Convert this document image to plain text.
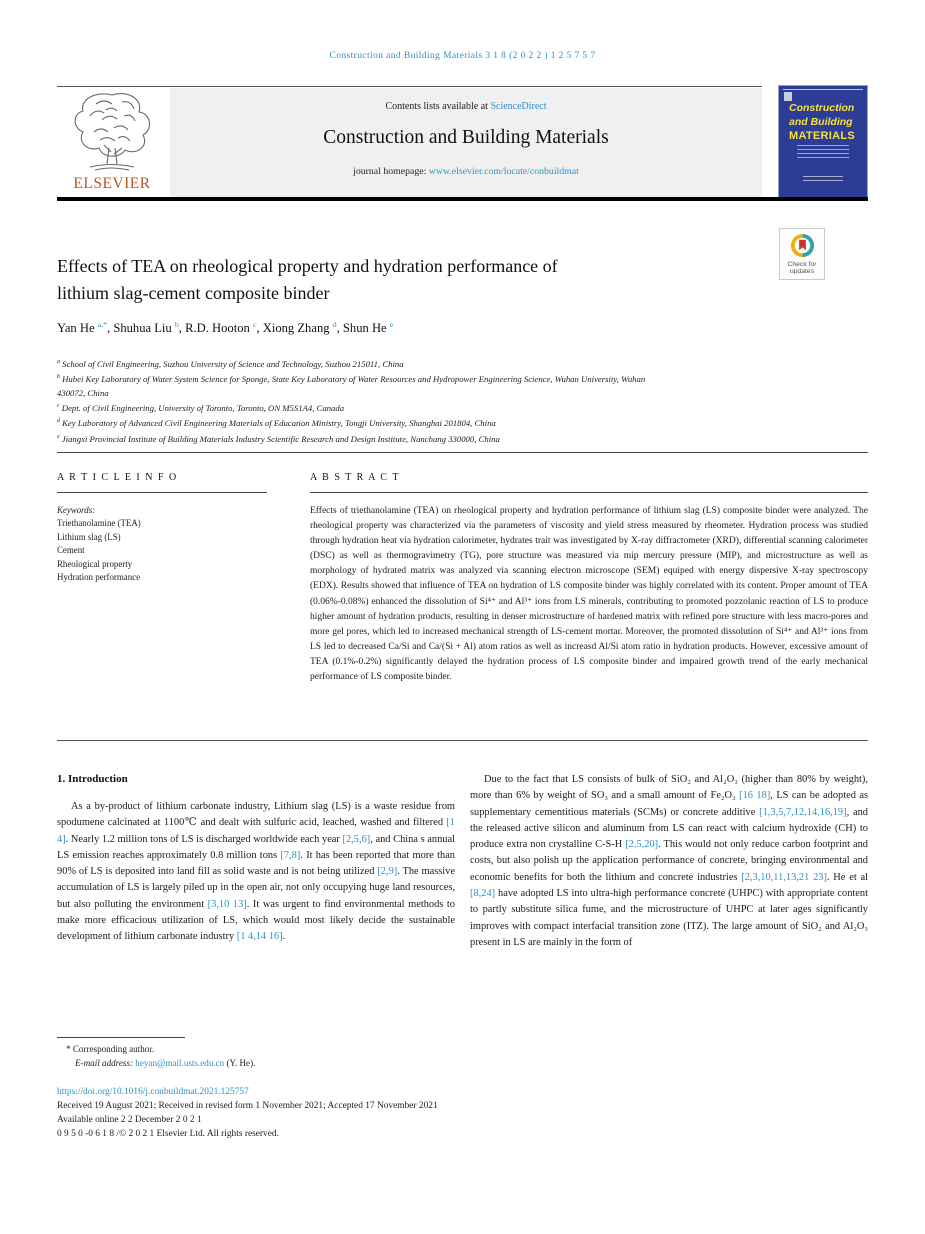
Construction and Building Materials 3 1 8 (2 0 2 2 ) 1 2 5 7 5 7
ELSEVIER
Contents lists available at ScienceDirect
Construction and Building Materials
journal homepage: www.elsevier.com/locate/conbuildmat
Construction
and Building
MATERIALS
Check for
updates
Effects of TEA on rheological property and hydration performance of
lithium slag-cement composite binder
Yan He $^{a,*}$, Shuhua Liu $^b$, R.D. Hooton $^c$, Xiong Zhang $^d$, Shun He $^e$
$^a$ School of Civil Engineering, Suzhou University of Science and Technology, Suzhou 215011, China
$^b$ Hubei Key Laboratory of Water System Science for Sponge, State Key Laboratory of Water Resources and Hydropower Engineering Science, Wuhan University, Wuhan
430072, China
$^c$ Dept. of Civil Engineering, University of Toronto, Toronto, ON M5S1A4, Canada
$^d$ Key Laboratory of Advanced Civil Engineering Materials of Education Ministry, Tongji University, Shanghai 201804, China
$^e$ Jiangxi Provincial Institute of Building Materials Industry Scientific Research and Design Institute, Nanchang 330000, China
A R T I C L E I N F O
Keywords:
Triethanolamine (TEA)
Lithium slag (LS)
Cement
Rheological property
Hydration performance
A B S T R A C T
Effects of triethanolamine (TEA) on rheological property and hydration performance of lithium slag (LS) composite binder were analyzed. The rheological property was characterized via the parameters of viscosity and yield stress measured by rheometer. Hydration process was studied through hydration heat via hydration calorimeter, hydrates trait was investigated by X-ray diffractometer (XRD), differential scanning calorimeter (DSC) as well as thermogravimetry (TG), pore structure was measured via mip mercury pressure (MIP), and microstructure as well as morphology of hydrated matrix was analyzed via scanning electron microscope (SEM) equiped with energy dispersive X-ray spectroscopy (EDX). Results showed that influence of TEA on hydration of LS composite binder was highly correlated with its content. Proper amount of TEA (0.06%-0.08%) enhanced the dissolution of Si⁴⁺ and Al³⁺ ions from LS minerals, contributing to promoted pozzolanic reaction of LS to produce higher amount of hydration products, resulting in denser microstructure of hardened matrix with refined pore structure with less macro-pores and more gel pores, which led to increased mechanical strength of LS-cement mortar. Moreover, the promoted dissolution of Si⁴⁺ and Al³⁺ ions from LS led to decreased Ca/Si and Ca/(Si + Al) atom ratios as well as increasd Al/Si atom ratio in hydration products. However, excessive amount of TEA (0.1%-0.2%) significantly delayed the hydration process of LS composite binder and impaired growth trend of the early mechanical performance of LS composite binder.
1. Introduction

As a by-product of lithium carbonate industry, Lithium slag (LS) is a waste residue from spodumene calcinated at 1100℃ and dealt with sulfuric acid, leached, washed and filtered [1 4]. Nearly 1.2 million tons of LS is discharged worldwide each year [2,5,6], and China s annual LS emission reaches approximately 0.8 million tons [7,8]. It has been reported that more than 90% of LS is deposited into land fill as solid waste and is not being utilized [2,9]. The massive accumulation of LS is largely piled up in the open air, not only occupying huge land resources, but also polluting the environment [3,10 13]. It was urgent to find environmental methods to make more efficacious utilization of LS, which would most likely decide the sustainable development of lithium carbonate industry [1 4,14 16].

Due to the fact that LS consists of bulk of SiO₂ and Al₂O₃ (higher than 80% by weight), more than 6% by weight of SO₃ and a small amount of Fe₂O₃ [16 18], LS can be adopted as supplementary cementitious materials (SCMs) or concrete additive [1,3,5,7,12,14,16,19], and the released active silicon and aluminum from LS can react with calcium hydroxide (CH) to produce extra non crystalline C-S-H [2,5,20]. This would not only reduce carbon footprint and costs, but also polish up the application performance of concrete, bringing environmental and economic benefits for both the lithium and concrete industries [2,3,10,11,13,21 23]. He et al [8,24] have adopted LS into ultra-high performance concrete (UHPC) with appropriate content to partly substitute silica fume, and the microstructure of UHPC at later ages significantly improves with compact interfacial transition zone (ITZ). The large amount of SiO₂ and Al₂O₃ present in LS are mainly in the form of

* Corresponding author.
E-mail address: heyan@mail.usts.edu.cn (Y. He).
https://doi.org/10.1016/j.conbuildmat.2021.125757
Received 19 August 2021; Received in revised form 1 November 2021; Accepted 17 November 2021
Available online 2 2 December 2 0 2 1
0 9 5 0 -0 6 1 8 /© 2 0 2 1 Elsevier Ltd. All rights reserved.
